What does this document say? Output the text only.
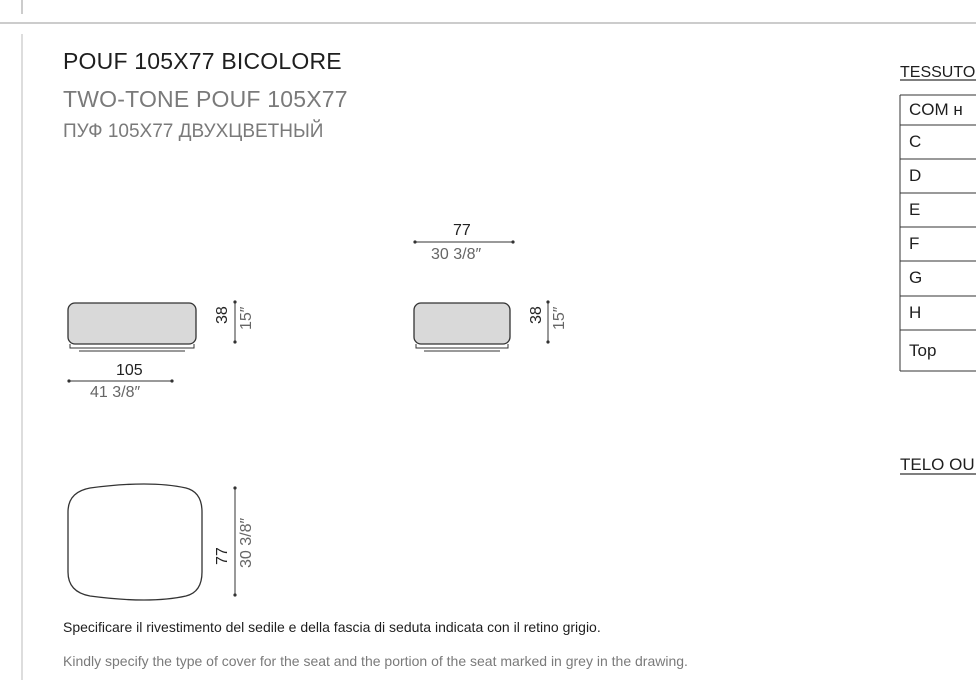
POUF 105X77 BICOLORE
TWO-TONE POUF 105X77
ПУФ 105X77 ДВУХЦВЕТНЫЙ
105
41 3/8″
38 15″
77
30 3/8″
38 15″
77 30 3/8″
TESSUTO
COM н
C
D
E
F
G
H
Top
TELO OU
Specificare il rivestimento del sedile e della fascia di seduta indicata con il retino grigio.
Kindly specify the type of cover for the seat and the portion of the seat marked in grey in the drawing.
